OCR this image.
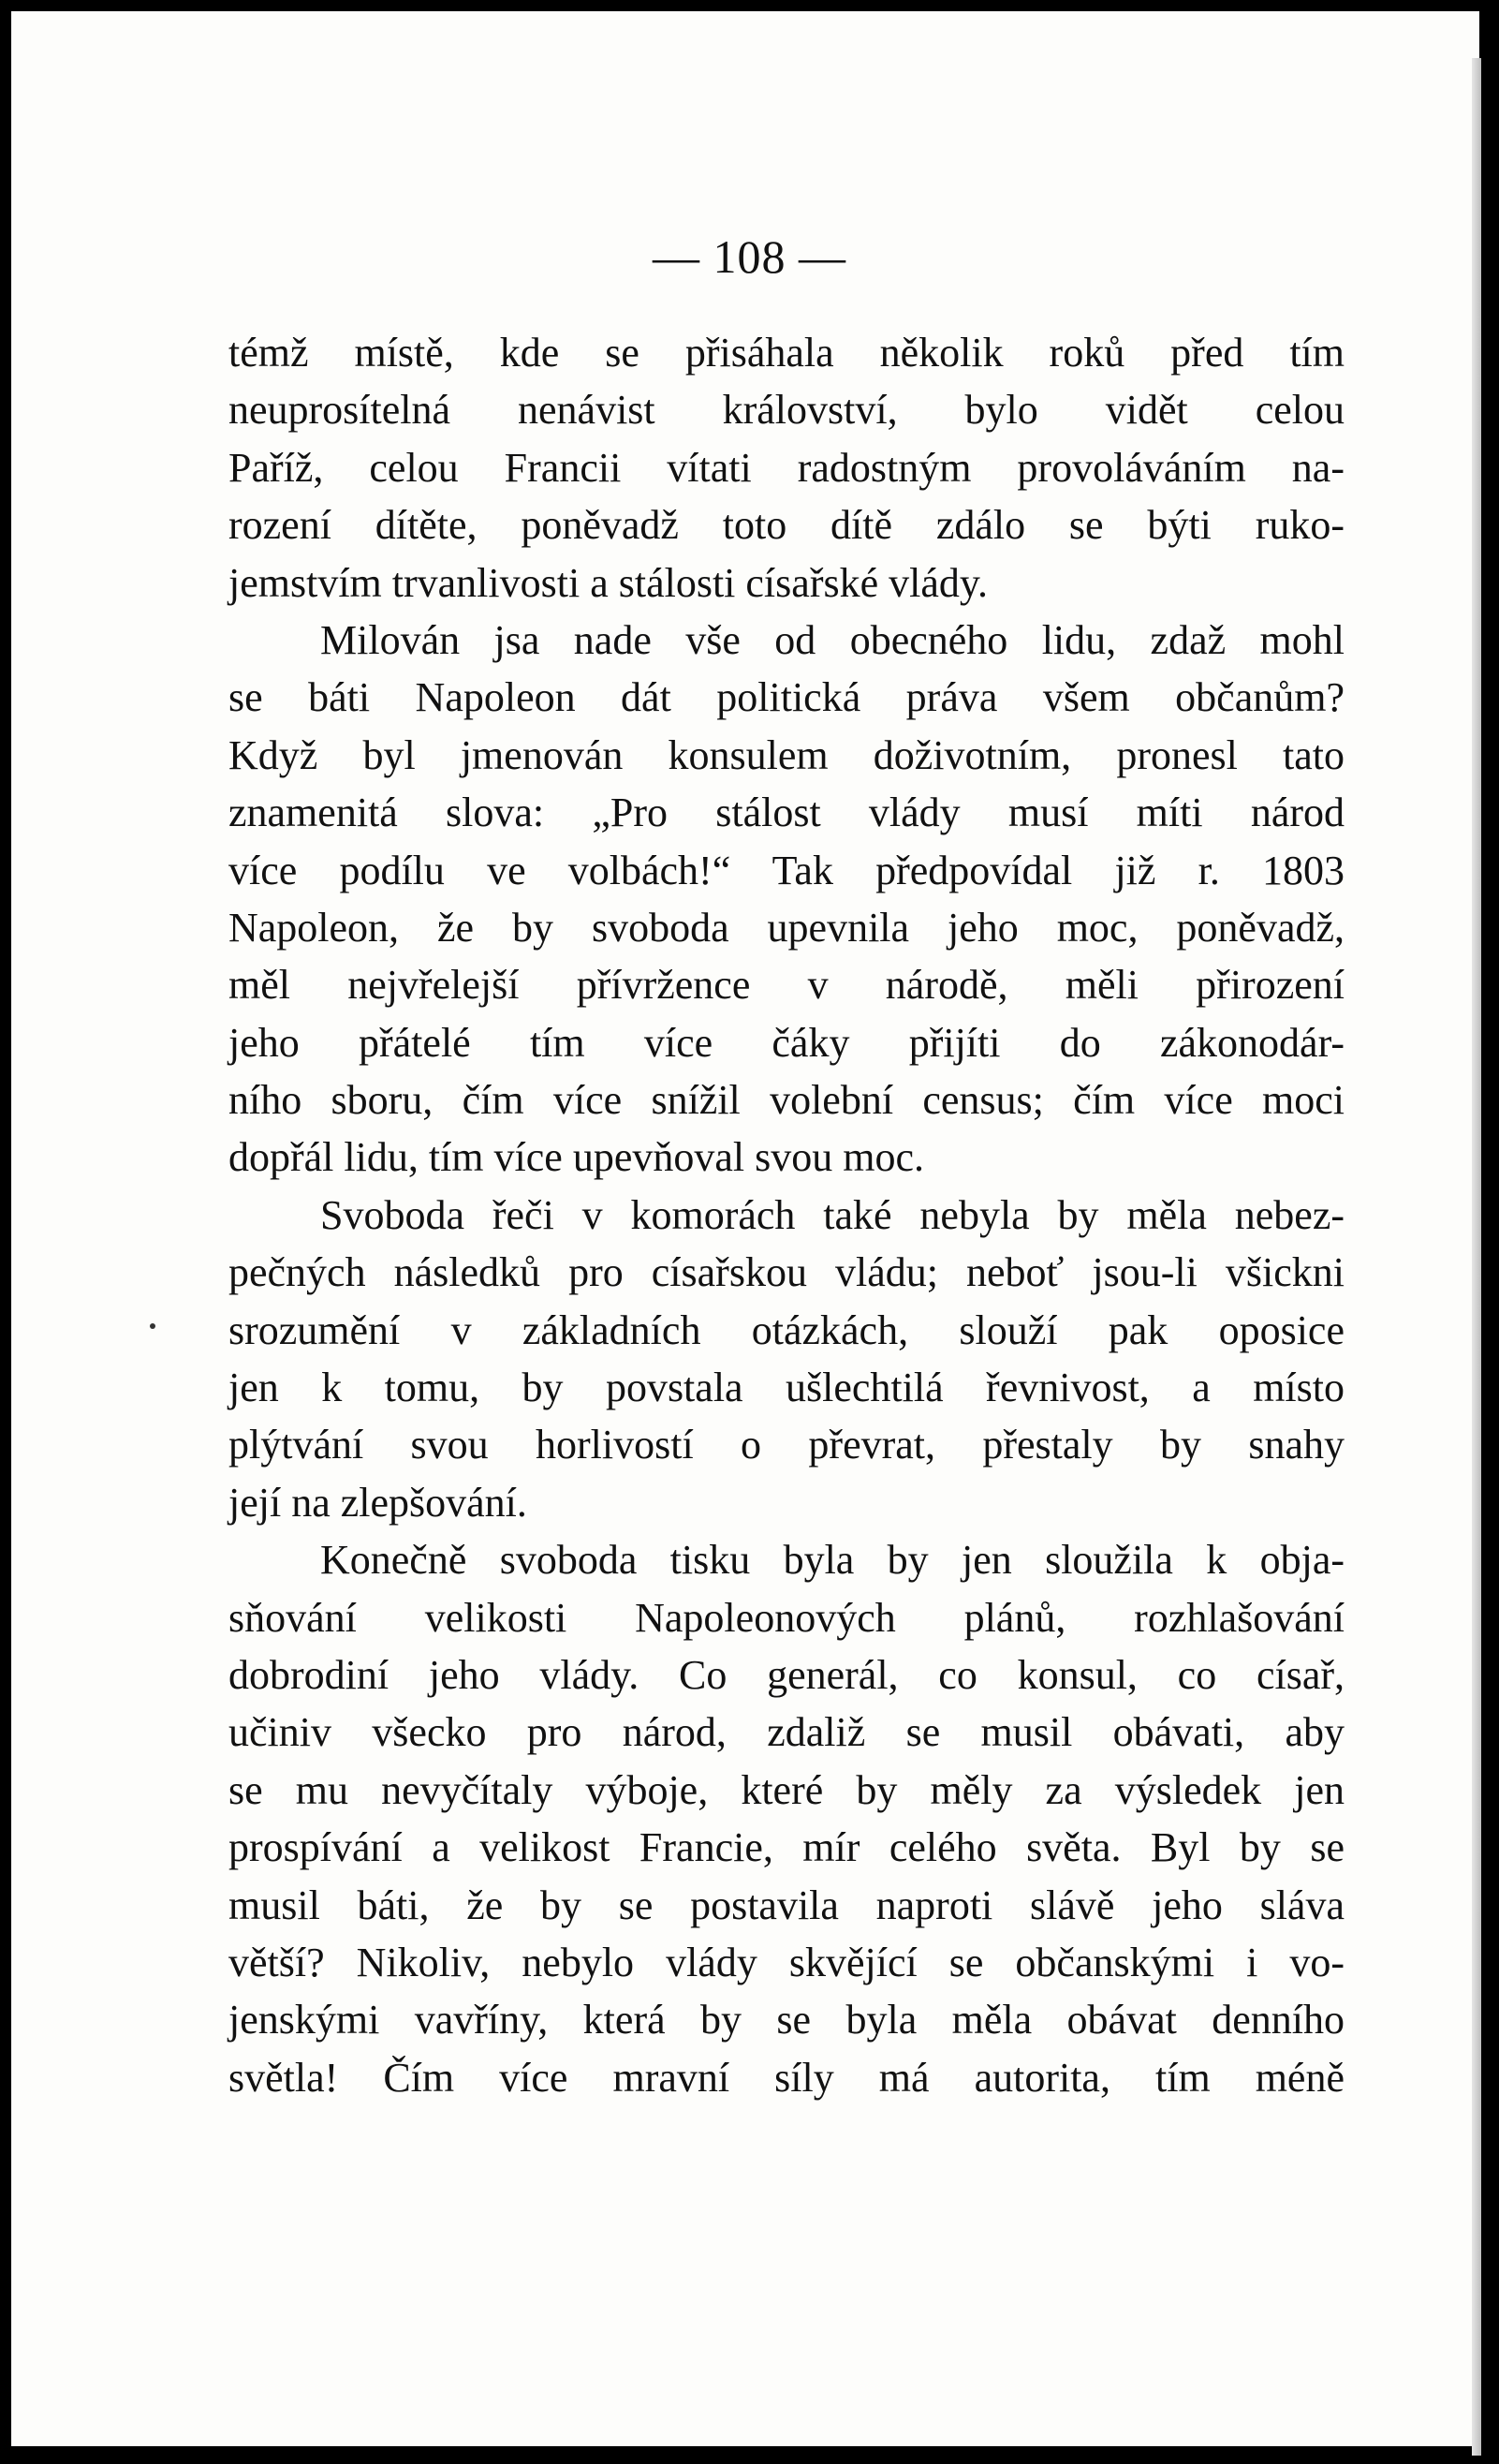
— 108 —
témž místě, kde se přisáhala několik roků před tím
neuprosítelná nenávist království, bylo vidět celou
Paříž, celou Francii vítati radostným provoláváním na-
rození dítěte, poněvadž toto dítě zdálo se býti ruko-
jemstvím trvanlivosti a stálosti císařské vlády.
Milován jsa nade vše od obecného lidu, zdaž mohl
se báti Napoleon dát politická práva všem občanům?
Když byl jmenován konsulem doživotním, pronesl tato
znamenitá slova: „Pro stálost vlády musí míti národ
více podílu ve volbách!“ Tak předpovídal již r. 1803
Napoleon, že by svoboda upevnila jeho moc, poněvadž,
měl nejvřelejší přívržence v národě, měli přirození
jeho přátelé tím více čáky přijíti do zákonodár-
ního sboru, čím více snížil volební census; čím více moci
dopřál lidu, tím více upevňoval svou moc.
Svoboda řeči v komorách také nebyla by měla nebez-
pečných následků pro císařskou vládu; neboť jsou-li všickni
srozumění v základních otázkách, slouží pak oposice
jen k tomu, by povstala ušlechtilá řevnivost, a místo
plýtvání svou horlivostí o převrat, přestaly by snahy
její na zlepšování.
Konečně svoboda tisku byla by jen sloužila k obja-
sňování velikosti Napoleonových plánů, rozhlašování
dobrodiní jeho vlády. Co generál, co konsul, co císař,
učiniv všecko pro národ, zdaliž se musil obávati, aby
se mu nevyčítaly výboje, které by měly za výsledek jen
prospívání a velikost Francie, mír celého světa. Byl by se
musil báti, že by se postavila naproti slávě jeho sláva
větší? Nikoliv, nebylo vlády skvějící se občanskými i vo-
jenskými vavříny, která by se byla měla obávat denního
světla! Čím více mravní síly má autorita, tím méně
